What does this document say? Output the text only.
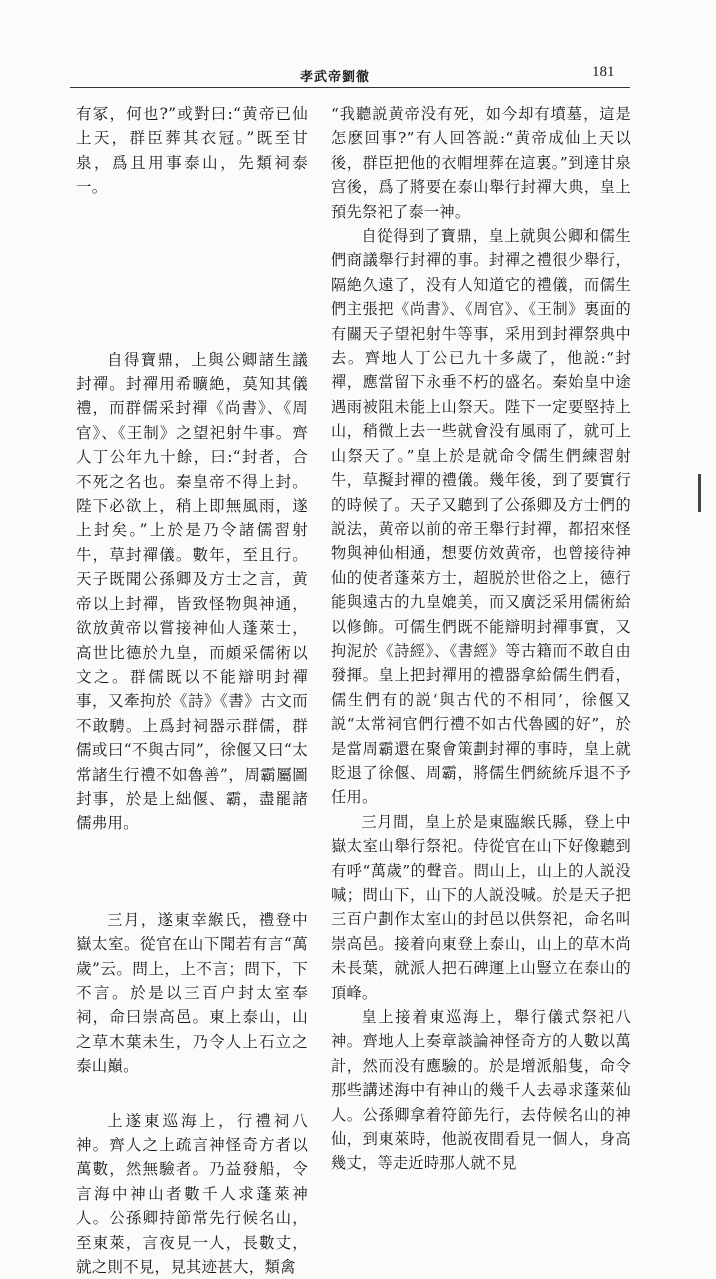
孝武帝劉徹	181

有冢，何也?”或對曰:“黄帝已仙上天，群臣葬其衣冠。”既至甘泉，爲且用事泰山，先類祠泰一。

自得寶鼎，上與公卿諸生議封禪。封禪用希曠絶，莫知其儀禮，而群儒采封禪《尚書》、《周官》、《王制》之望祀射牛事。齊人丁公年九十餘，曰:“封者，合不死之名也。秦皇帝不得上封。陛下必欲上，稍上即無風雨，遂上封矣。”上於是乃令諸儒習射牛，草封禪儀。數年，至且行。天子既聞公孫卿及方士之言，黄帝以上封禪，皆致怪物與神通，欲放黄帝以嘗接神仙人蓬萊士，高世比德於九皇，而頗采儒術以文之。群儒既以不能辯明封禪事，又牽拘於《詩》《書》古文而不敢騁。上爲封祠器示群儒，群儒或曰“不與古同”，徐偃又曰“太常諸生行禮不如魯善”，周霸屬圖封事，於是上絀偃、霸，盡罷諸儒弗用。

三月，遂東幸緱氏，禮登中嶽太室。從官在山下聞若有言“萬歲”云。問上，上不言；問下，下不言。於是以三百户封太室奉祠，命曰崇高邑。東上泰山，山之草木葉未生，乃令人上石立之泰山巔。

上遂東巡海上，行禮祠八神。齊人之上疏言神怪奇方者以萬數，然無驗者。乃益發船，令言海中神山者數千人求蓬萊神人。公孫卿持節常先行候名山，至東萊，言夜見一人，長數丈，就之則不見，見其迹甚大，類禽

“我聽説黄帝没有死，如今却有墳墓，這是怎麽回事?”有人回答説:“黄帝成仙上天以後，群臣把他的衣帽埋葬在這裏。”到達甘泉宫後，爲了將要在泰山舉行封禪大典，皇上預先祭祀了泰一神。

自從得到了寶鼎，皇上就與公卿和儒生們商議舉行封禪的事。封禪之禮很少舉行，隔絶久遠了，没有人知道它的禮儀，而儒生們主張把《尚書》、《周官》、《王制》裏面的有關天子望祀射牛等事，采用到封禪祭典中去。齊地人丁公已九十多歲了，他説:“封禪，應當留下永垂不朽的盛名。秦始皇中途遇雨被阻未能上山祭天。陛下一定要堅持上山，稍微上去一些就會没有風雨了，就可上山祭天了。”皇上於是就命令儒生們練習射牛，草擬封禪的禮儀。幾年後，到了要實行的時候了。天子又聽到了公孫卿及方士們的説法，黄帝以前的帝王舉行封禪，都招來怪物與神仙相通，想要仿效黄帝，也曾接待神仙的使者蓬萊方士，超脱於世俗之上，德行能與遠古的九皇媲美，而又廣泛采用儒術給以修飾。可儒生們既不能辯明封禪事實，又拘泥於《詩經》、《書經》等古籍而不敢自由發揮。皇上把封禪用的禮器拿給儒生們看，儒生們有的説‘與古代的不相同’，徐偃又説“太常祠官們行禮不如古代魯國的好”，於是當周霸還在聚會策劃封禪的事時，皇上就貶退了徐偃、周霸，將儒生們統統斥退不予任用。

三月間，皇上於是東臨緱氏縣，登上中嶽太室山舉行祭祀。侍從官在山下好像聽到有呼“萬歲”的聲音。問山上，山上的人説没喊；問山下，山下的人説没喊。於是天子把三百户劃作太室山的封邑以供祭祀，命名叫崇高邑。接着向東登上泰山，山上的草木尚未長葉，就派人把石碑運上山豎立在泰山的頂峰。

皇上接着東巡海上，舉行儀式祭祀八神。齊地人上奏章談論神怪奇方的人數以萬計，然而没有應驗的。於是增派船隻，命令那些講述海中有神山的幾千人去尋求蓬萊仙人。公孫卿拿着符節先行，去侍候名山的神仙，到東萊時，他説夜間看見一個人，身高幾丈，等走近時那人就不見
